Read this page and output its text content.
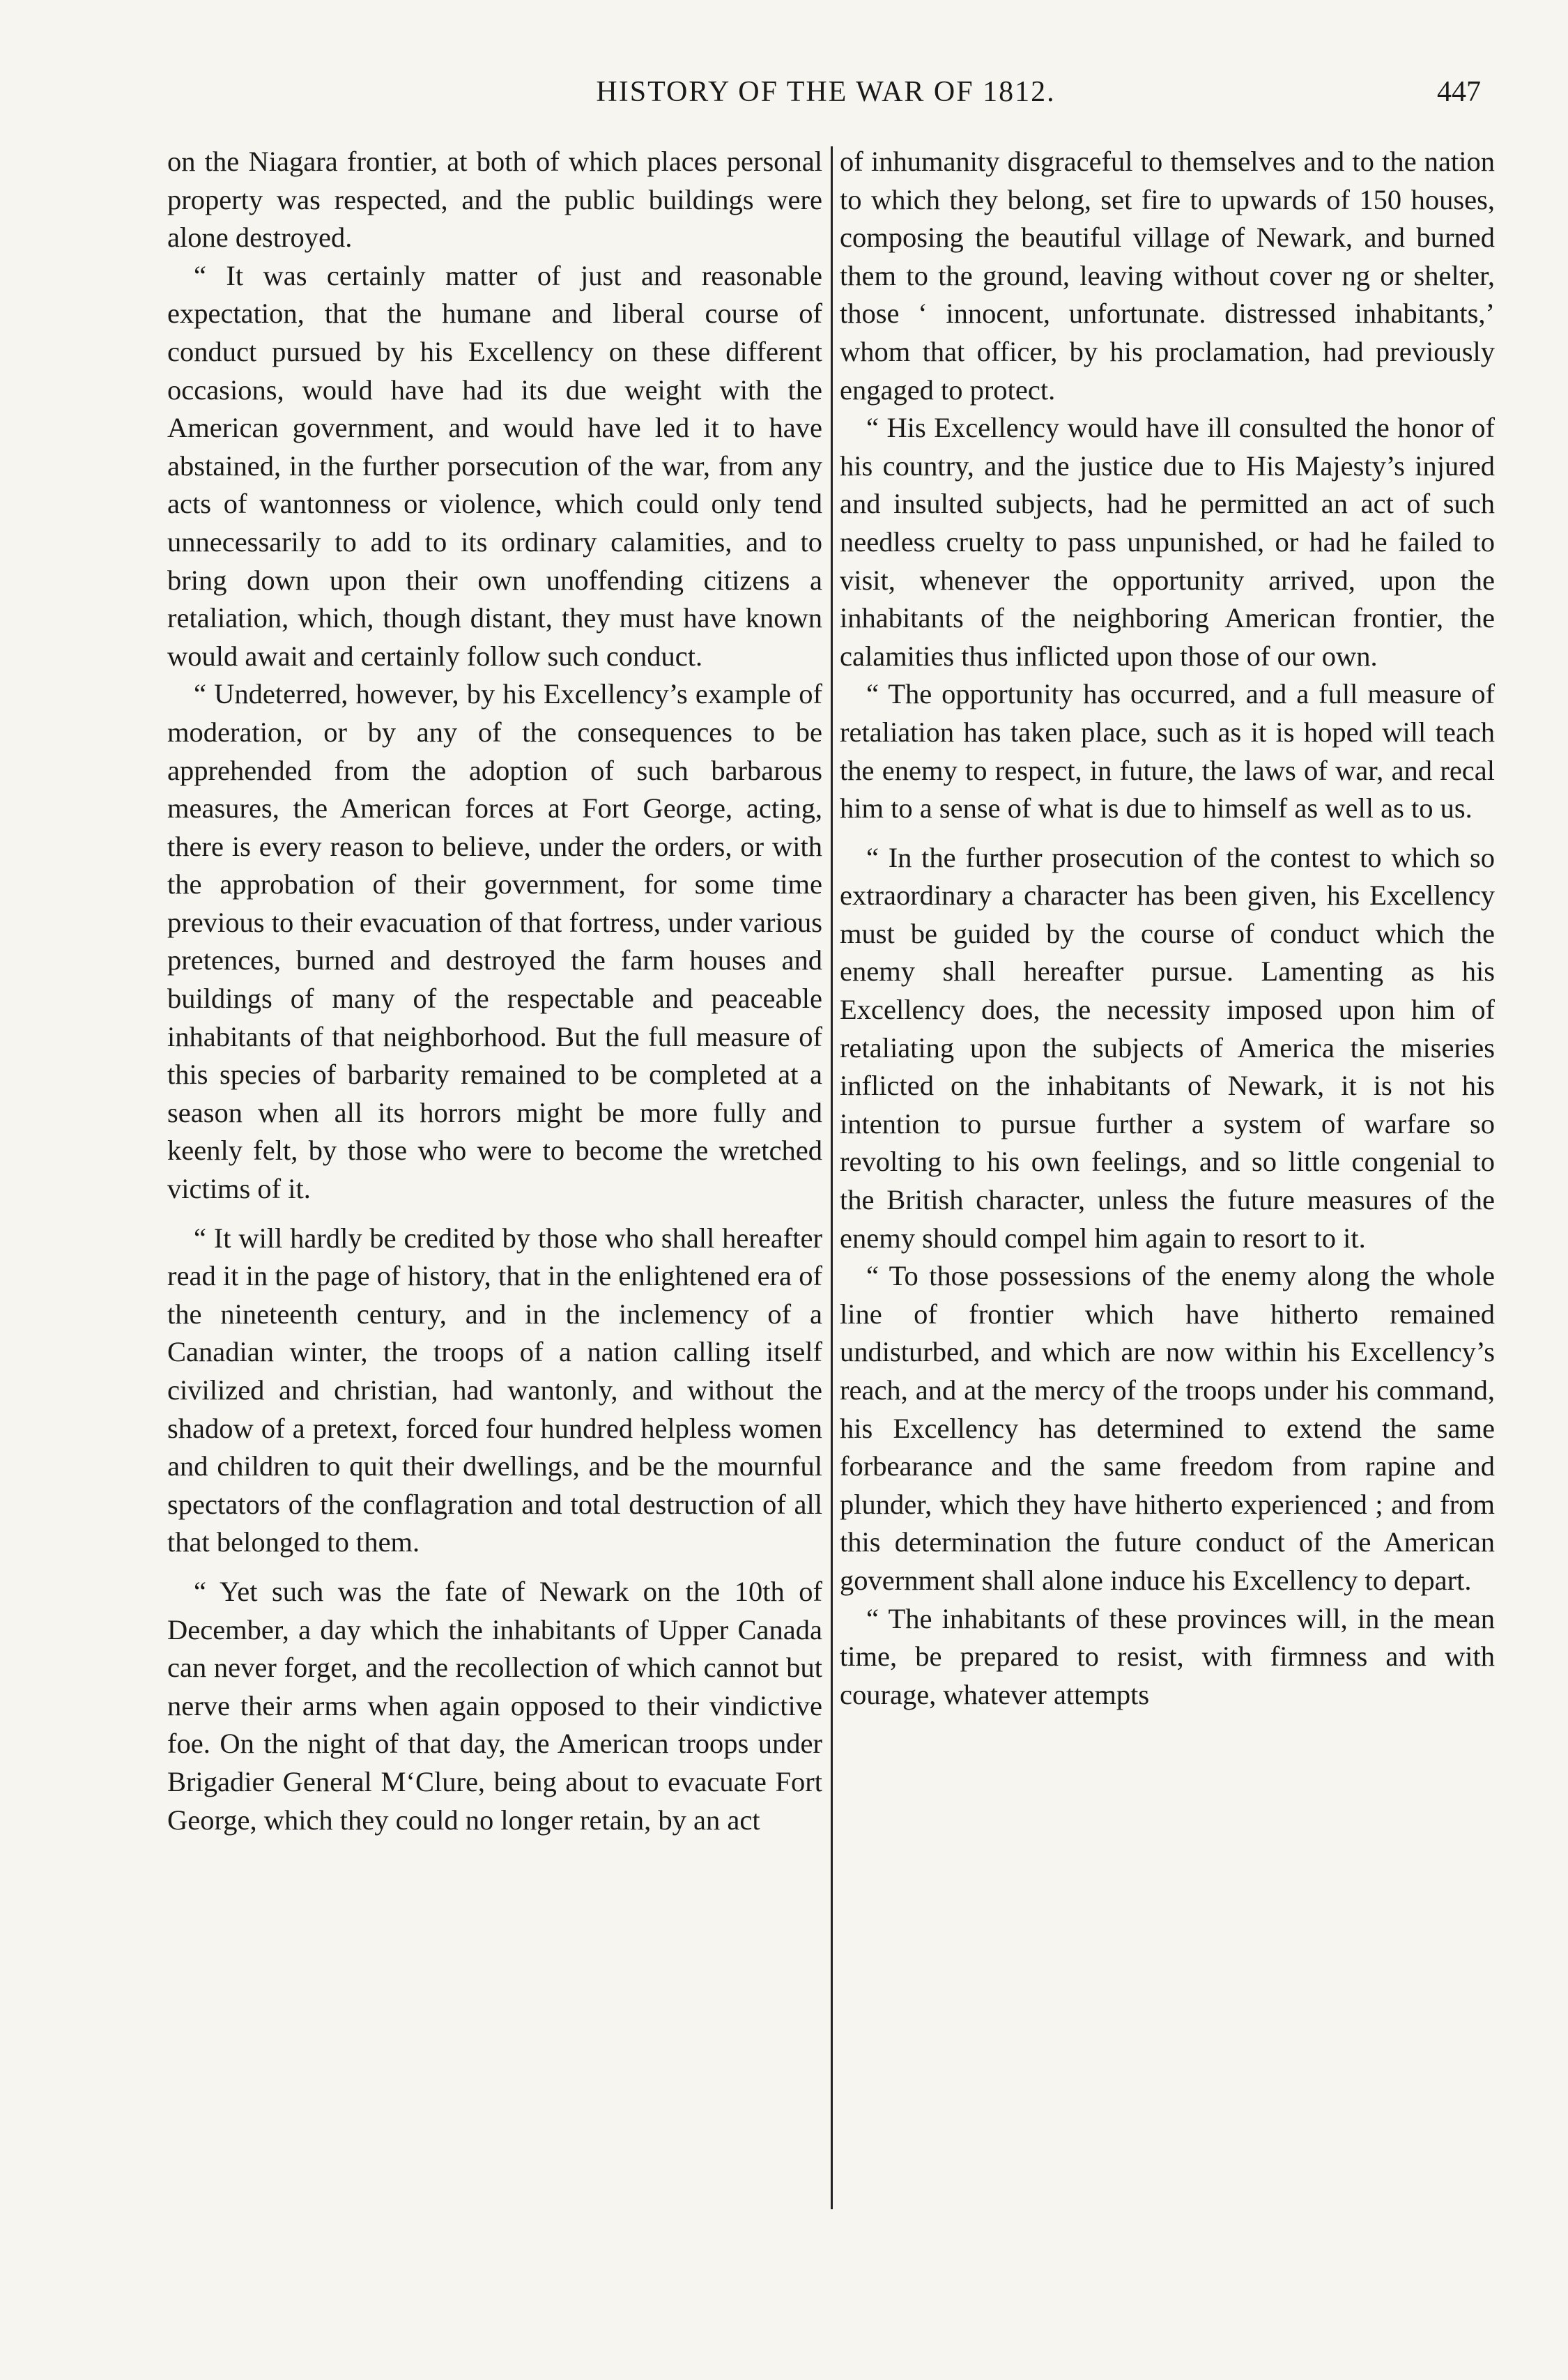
HISTORY OF THE WAR OF 1812.	447

on the Niagara frontier, at both of which places personal property was respected, and the public buildings were alone destroyed.

“ It was certainly matter of just and reasonable expectation, that the humane and liberal course of conduct pursued by his Excellency on these different occasions, would have had its due weight with the American government, and would have led it to have abstained, in the further porsecution of the war, from any acts of wantonness or violence, which could only tend unnecessarily to add to its ordinary calamities, and to bring down upon their own unoffending citizens a retaliation, which, though distant, they must have known would await and certainly follow such conduct.

“ Undeterred, however, by his Excellency’s example of moderation, or by any of the consequences to be apprehended from the adoption of such barbarous measures, the American forces at Fort George, acting, there is every reason to believe, under the orders, or with the approbation of their government, for some time previous to their evacuation of that fortress, under various pretences, burned and destroyed the farm houses and buildings of many of the respectable and peaceable inhabitants of that neighborhood. But the full measure of this species of barbarity remained to be completed at a season when all its horrors might be more fully and keenly felt, by those who were to become the wretched victims of it.

“ It will hardly be credited by those who shall hereafter read it in the page of history, that in the enlightened era of the nineteenth century, and in the inclemency of a Canadian winter, the troops of a nation calling itself civilized and christian, had wantonly, and without the shadow of a pretext, forced four hundred helpless women and children to quit their dwellings, and be the mournful spectators of the conflagration and total destruction of all that belonged to them.

“ Yet such was the fate of Newark on the 10th of December, a day which the inhabitants of Upper Canada can never forget, and the recollection of which cannot but nerve their arms when again opposed to their vindictive foe. On the night of that day, the American troops under Brigadier General M‘Clure, being about to evacuate Fort George, which they could no longer retain, by an act

of inhumanity disgraceful to themselves and to the nation to which they belong, set fire to upwards of 150 houses, composing the beautiful village of Newark, and burned them to the ground, leaving without cover ng or shelter, those ‘ innocent, unfortunate. distressed inhabitants,’ whom that officer, by his proclamation, had previously engaged to protect.

“ His Excellency would have ill consulted the honor of his country, and the justice due to His Majesty’s injured and insulted subjects, had he permitted an act of such needless cruelty to pass unpunished, or had he failed to visit, whenever the opportunity arrived, upon the inhabitants of the neighboring American frontier, the calamities thus inflicted upon those of our own.

“ The opportunity has occurred, and a full measure of retaliation has taken place, such as it is hoped will teach the enemy to respect, in future, the laws of war, and recal him to a sense of what is due to himself as well as to us.

“ In the further prosecution of the contest to which so extraordinary a character has been given, his Excellency must be guided by the course of conduct which the enemy shall hereafter pursue. Lamenting as his Excellency does, the necessity imposed upon him of retaliating upon the subjects of America the miseries inflicted on the inhabitants of Newark, it is not his intention to pursue further a system of warfare so revolting to his own feelings, and so little congenial to the British character, unless the future measures of the enemy should compel him again to resort to it.

“ To those possessions of the enemy along the whole line of frontier which have hitherto remained undisturbed, and which are now within his Excellency’s reach, and at the mercy of the troops under his command, his Excellency has determined to extend the same forbearance and the same freedom from rapine and plunder, which they have hitherto experienced ; and from this determination the future conduct of the American government shall alone induce his Excellency to depart.

“ The inhabitants of these provinces will, in the mean time, be prepared to resist, with firmness and with courage, whatever attempts
